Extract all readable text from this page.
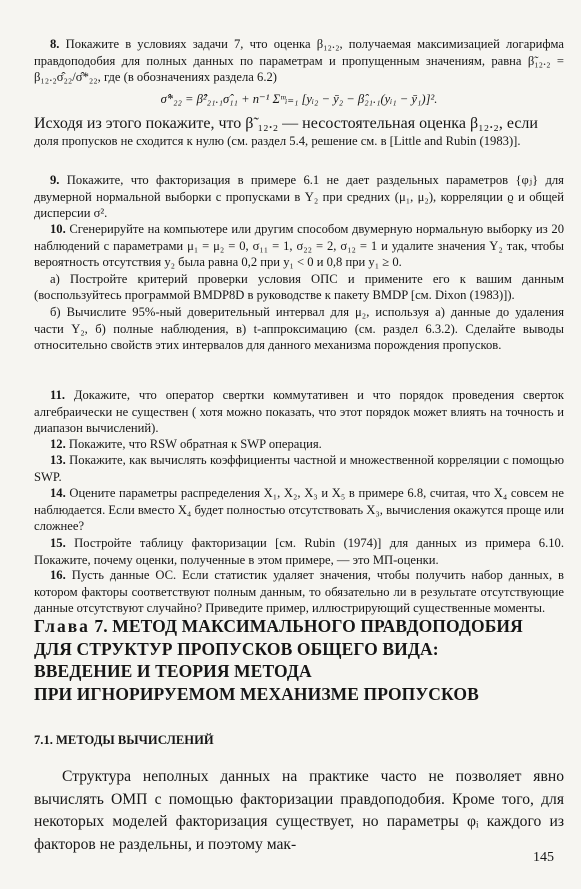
8. Покажите в условиях задачи 7, что оценка β₁₂.₂, получаемая максимизацией логарифма правдоподобия для полных данных по параметрам и пропущенным значениям, равна β̃₁₂.₂ = β₁₂.₂σ̂₂₂/σ̂*₂₂, где (в обозначениях раздела 6.2)

σ̂*₂₂ = β̂²₂₁.₁σ̂₁₁ + n⁻¹ Σᵐᵢ₌₁ [yᵢ₂ − ȳ₂ − β̂₂₁.₁(yᵢ₁ − ȳ₁)]².

Исходя из этого покажите, что β̃ ₁₂.₂ — несостоятельная оценка β₁₂.₂, если

доля пропусков не сходится к нулю (см. раздел 5.4, решение см. в [Little and Rubin (1983)].

9. Покажите, что факторизация в примере 6.1 не дает раздельных параметров {φⱼ} для двумерной нормальной выборки с пропусками в Y₂ при средних (μ₁, μ₂), корреляции ϱ и общей дисперсии σ².

10. Сгенерируйте на компьютере или другим способом двумерную нормальную выборку из 20 наблюдений с параметрами μ₁ = μ₂ = 0, σ₁₁ = 1, σ₂₂ = 2, σ₁₂ = 1 и удалите значения Y₂ так, чтобы вероятность отсутствия y₂ была равна 0,2 при y₁ < 0 и 0,8 при y₁ ≥ 0.

а) Постройте критерий проверки условия ОПС и примените его к вашим данным (воспользуйтесь программой BMDP8D в руководстве к пакету BMDP [см. Dixon (1983)]).

б) Вычислите 95%-ный доверительный интервал для μ₂, используя а) данные до удаления части Y₂, б) полные наблюдения, в) t-аппроксимацию (см. раздел 6.3.2). Сделайте выводы относительно свойств этих интервалов для данного механизма порождения пропусков.

11. Докажите, что оператор свертки коммутативен и что порядок проведения сверток алгебраически не существен ( хотя можно показать, что этот порядок может влиять на точность и диапазон вычислений).

12. Покажите, что RSW обратная к SWP операция.

13. Покажите, как вычислять коэффициенты частной и множественной корреляции с помощью SWP.

14. Оцените параметры распределения X₁, X₂, X₃ и X₅ в примере 6.8, считая, что X₄ совсем не наблюдается. Если вместо X₄ будет полностью отсутствовать X₃, вычисления окажутся проще или сложнее?

15. Постройте таблицу факторизации [см. Rubin (1974)] для данных из примера 6.10. Покажите, почему оценки, полученные в этом примере, — это МП-оценки.

16. Пусть данные ОС. Если статистик удаляет значения, чтобы получить набор данных, в котором факторы соответствуют полным данным, то обязательно ли в результате отсутствующие данные отсутствуют случайно? Приведите пример, иллюстрирующий существенные моменты.

Глава 7. МЕТОД МАКСИМАЛЬНОГО ПРАВДОПОДОБИЯ
ДЛЯ СТРУКТУР ПРОПУСКОВ ОБЩЕГО ВИДА:
ВВЕДЕНИЕ И ТЕОРИЯ МЕТОДА
ПРИ ИГНОРИРУЕМОМ МЕХАНИЗМЕ ПРОПУСКОВ

7.1. МЕТОДЫ ВЫЧИСЛЕНИЙ

Структура неполных данных на практике часто не позволяет явно вычислять ОМП с помощью факторизации правдоподобия. Кроме того, для некоторых моделей факторизация существует, но параметры φᵢ каждого из факторов не раздельны, и поэтому мак-

145
